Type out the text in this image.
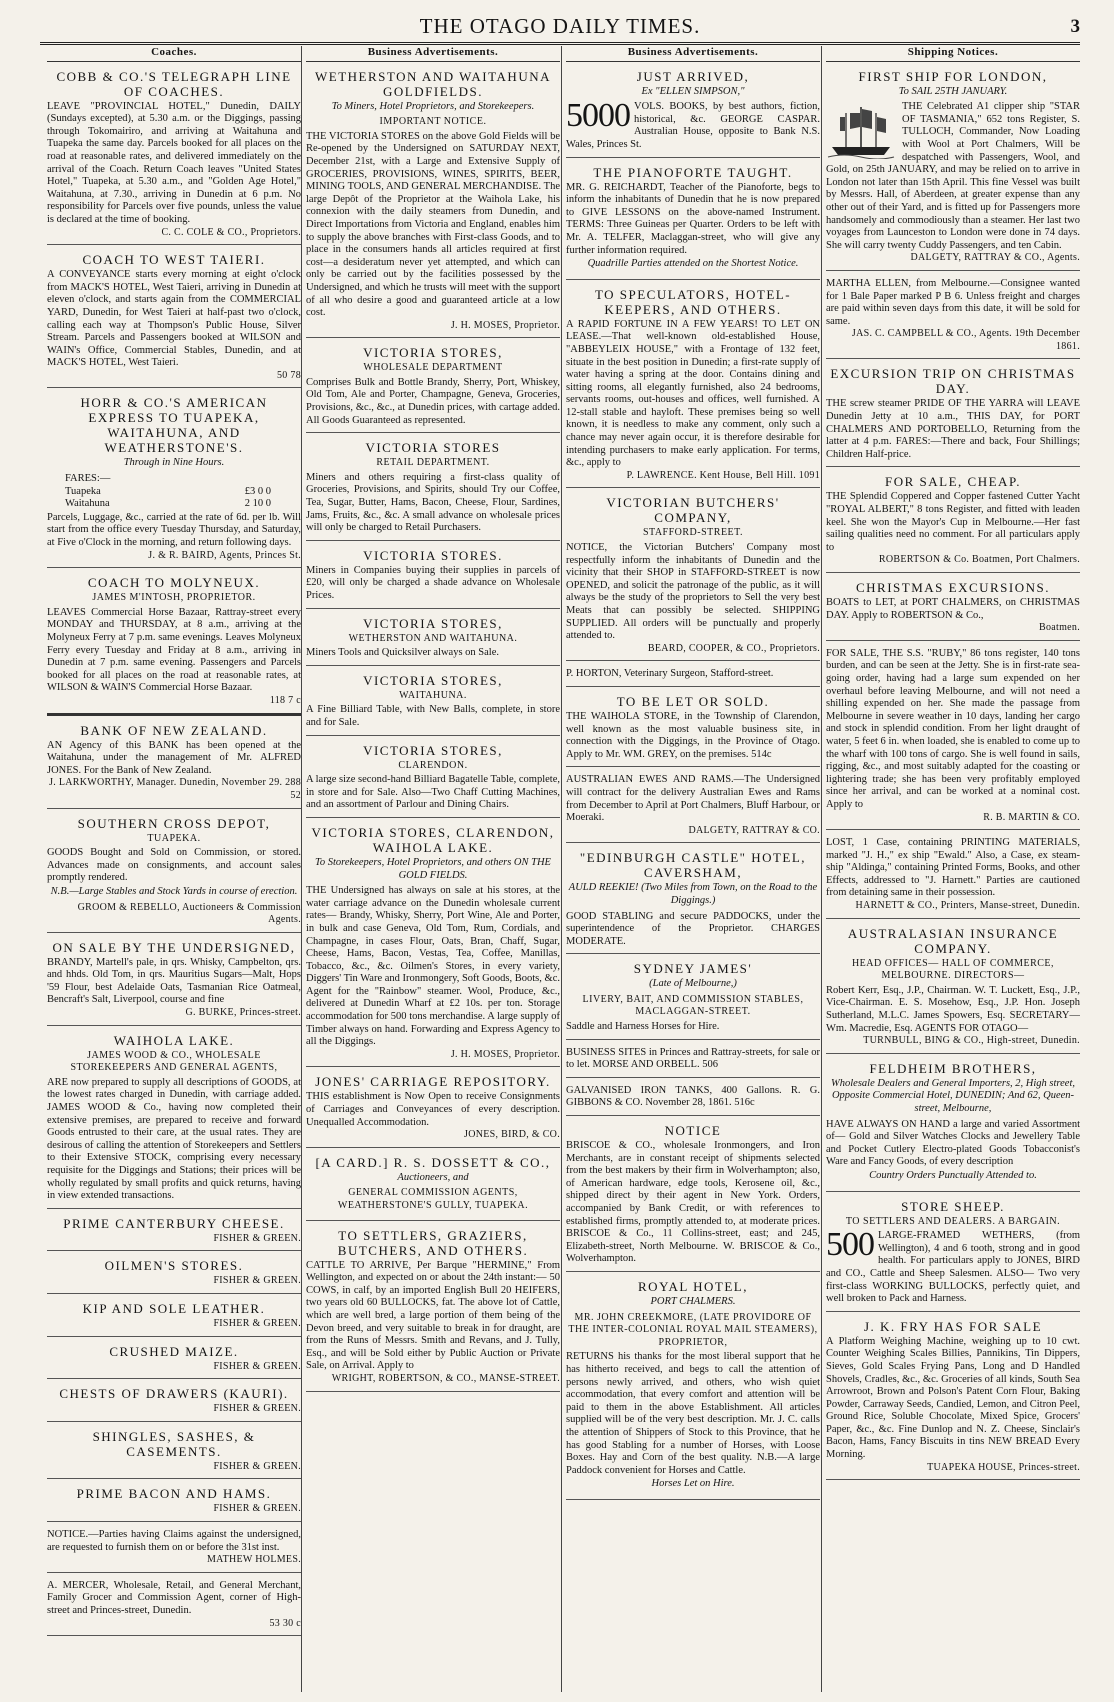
THE OTAGO DAILY TIMES.	3
Coaches.
COBB & CO.'S TELEGRAPH LINE OF COACHES.

LEAVE "PROVINCIAL HOTEL," Dunedin, DAILY (Sundays excepted), at 5.30 a.m. or the Diggings, passing through Tokomairiro, and arriving at Waitahuna and Tuapeka the same day. Parcels booked for all places on the road at reasonable rates, and delivered immediately on the arrival of the Coach. Return Coach leaves "United States Hotel," Tuapeka, at 5.30 a.m., and "Golden Age Hotel," Waitahuna, at 7.30., arriving in Dunedin at 6 p.m. No responsibility for Parcels over five pounds, unless the value is declared at the time of booking.

C. C. COLE & CO., Proprietors.
COACH TO WEST TAIERI.

A CONVEYANCE starts every morning at eight o'clock from MACK'S HOTEL, West Taieri, arriving in Dunedin at eleven o'clock, and starts again from the COMMERCIAL YARD, Dunedin, for West Taieri at half-past two o'clock, calling each way at Thompson's Public House, Silver Stream. Parcels and Passengers booked at WILSON and WAIN's Office, Commercial Stables, Dunedin, and at MACK'S HOTEL, West Taieri.

50 78
HORR & CO.'S AMERICAN EXPRESS TO TUAPEKA, WAITAHUNA, AND WEATHERSTONE'S.
Through in Nine Hours.
FARES:—
Tuapeka	£3 0 0
Waitahuna	2 10 0

Parcels, Luggage, &c., carried at the rate of 6d. per lb. Will start from the office every Tuesday Thursday, and Saturday, at Five o'Clock in the morning, and return following days.

J. & R. BAIRD, Agents, Princes St.
COACH TO MOLYNEUX.
JAMES M'INTOSH, PROPRIETOR.

LEAVES Commercial Horse Bazaar, Rattray-street every MONDAY and THURSDAY, at 8 a.m., arriving at the Molyneux Ferry at 7 p.m. same evenings. Leaves Molyneux Ferry every Tuesday and Friday at 8 a.m., arriving in Dunedin at 7 p.m. same evening. Passengers and Parcels booked for all places on the road at reasonable rates, at WILSON & WAIN'S Commercial Horse Bazaar.

118 7 c
BANK OF NEW ZEALAND.

AN Agency of this BANK has been opened at the Waitahuna, under the management of Mr. ALFRED JONES. For the Bank of New Zealand.

J. LARKWORTHY, Manager. Dunedin, November 29. 288 52
SOUTHERN CROSS DEPOT,
TUAPEKA.

GOODS Bought and Sold on Commission, or stored. Advances made on consignments, and account sales promptly rendered.

N.B.—Large Stables and Stock Yards in course of erection.
GROOM & REBELLO, Auctioneers & Commission Agents.
ON SALE BY THE UNDERSIGNED,

BRANDY, Martell's pale, in qrs. Whisky, Campbelton, qrs. and hhds. Old Tom, in qrs. Mauritius Sugars—Malt, Hops '59 Flour, best Adelaide Oats, Tasmanian Rice Oatmeal, Bencraft's Salt, Liverpool, course and fine

G. BURKE, Princes-street.
WAIHOLA LAKE.
JAMES WOOD & CO., WHOLESALE STOREKEEPERS AND GENERAL AGENTS,

ARE now prepared to supply all descriptions of GOODS, at the lowest rates charged in Dunedin, with carriage added. JAMES WOOD & Co., having now completed their extensive premises, are prepared to receive and forward Goods entrusted to their care, at the usual rates. They are desirous of calling the attention of Storekeepers and Settlers to their Extensive STOCK, comprising every necessary requisite for the Diggings and Stations; their prices will be wholly regulated by small profits and quick returns, having in view extended transactions.

PRIME CANTERBURY CHEESE.
FISHER & GREEN.
OILMEN'S STORES.
FISHER & GREEN.
KIP AND SOLE LEATHER.
FISHER & GREEN.
CRUSHED MAIZE.
FISHER & GREEN.
CHESTS OF DRAWERS (KAURI).
FISHER & GREEN.
SHINGLES, SASHES, & CASEMENTS.
FISHER & GREEN.
PRIME BACON AND HAMS.
FISHER & GREEN.

NOTICE.—Parties having Claims against the undersigned, are requested to furnish them on or before the 31st inst.

MATHEW HOLMES.

A. MERCER, Wholesale, Retail, and General Merchant, Family Grocer and Commission Agent, corner of High-street and Princes-street, Dunedin.

53 30 c
Business Advertisements.
WETHERSTON AND WAITAHUNA GOLDFIELDS.
To Miners, Hotel Proprietors, and Storekeepers.
IMPORTANT NOTICE.

THE VICTORIA STORES on the above Gold Fields will be Re-opened by the Undersigned on SATURDAY NEXT, December 21st, with a Large and Extensive Supply of GROCERIES, PROVISIONS, WINES, SPIRITS, BEER, MINING TOOLS, AND GENERAL MERCHANDISE. The large Depôt of the Proprietor at the Waihola Lake, his connexion with the daily steamers from Dunedin, and Direct Importations from Victoria and England, enables him to supply the above branches with First-class Goods, and to place in the consumers hands all articles required at first cost—a desideratum never yet attempted, and which can only be carried out by the facilities possessed by the Undersigned, and which he trusts will meet with the support of all who desire a good and guaranteed article at a low cost.

J. H. MOSES, Proprietor.
VICTORIA STORES,
WHOLESALE DEPARTMENT

Comprises Bulk and Bottle Brandy, Sherry, Port, Whiskey, Old Tom, Ale and Porter, Champagne, Geneva, Groceries, Provisions, &c., &c., at Dunedin prices, with cartage added. All Goods Guaranteed as represented.

VICTORIA STORES
RETAIL DEPARTMENT.

Miners and others requiring a first-class quality of Groceries, Provisions, and Spirits, should Try our Coffee, Tea, Sugar, Butter, Hams, Bacon, Cheese, Flour, Sardines, Jams, Fruits, &c., &c. A small advance on wholesale prices will only be charged to Retail Purchasers.

VICTORIA STORES.

Miners in Companies buying their supplies in parcels of £20, will only be charged a shade advance on Wholesale Prices.

VICTORIA STORES,
WETHERSTON AND WAITAHUNA.

Miners Tools and Quicksilver always on Sale.

VICTORIA STORES,
WAITAHUNA.

A Fine Billiard Table, with New Balls, complete, in store and for Sale.

VICTORIA STORES,
CLARENDON.

A large size second-hand Billiard Bagatelle Table, complete, in store and for Sale. Also—Two Chaff Cutting Machines, and an assortment of Parlour and Dining Chairs.

VICTORIA STORES, CLARENDON, WAIHOLA LAKE.
To Storekeepers, Hotel Proprietors, and others ON THE GOLD FIELDS.

THE Undersigned has always on sale at his stores, at the water carriage advance on the Dunedin wholesale current rates— Brandy, Whisky, Sherry, Port Wine, Ale and Porter, in bulk and case Geneva, Old Tom, Rum, Cordials, and Champagne, in cases Flour, Oats, Bran, Chaff, Sugar, Cheese, Hams, Bacon, Vestas, Tea, Coffee, Manillas, Tobacco, &c., &c. Oilmen's Stores, in every variety, Diggers' Tin Ware and Ironmongery, Soft Goods, Boots, &c. Agent for the "Rainbow" steamer. Wool, Produce, &c., delivered at Dunedin Wharf at £2 10s. per ton. Storage accommodation for 500 tons merchandise. A large supply of Timber always on hand. Forwarding and Express Agency to all the Diggings.

J. H. MOSES, Proprietor.
JONES' CARRIAGE REPOSITORY.

THIS establishment is Now Open to receive Consignments of Carriages and Conveyances of every description. Unequalled Accommodation.

JONES, BIRD, & CO.
[A CARD.] R. S. DOSSETT & CO.,
Auctioneers, and
GENERAL COMMISSION AGENTS, WEATHERSTONE'S GULLY, TUAPEKA.
TO SETTLERS, GRAZIERS, BUTCHERS, AND OTHERS.

CATTLE TO ARRIVE, Per Barque "HERMINE," From Wellington, and expected on or about the 24th instant:— 50 COWS, in calf, by an imported English Bull 20 HEIFERS, two years old 60 BULLOCKS, fat. The above lot of Cattle, which are well bred, a large portion of them being of the Devon breed, and very suitable to break in for draught, are from the Runs of Messrs. Smith and Revans, and J. Tully, Esq., and will be Sold either by Public Auction or Private Sale, on Arrival. Apply to

WRIGHT, ROBERTSON, & CO., MANSE-STREET.
Business Advertisements.
JUST ARRIVED,
Ex "ELLEN SIMPSON,"
5000 VOLS. BOOKS, by best authors, fiction, historical, &c. GEORGE CASPAR. Australian House, opposite to Bank N.S. Wales, Princes St.

THE PIANOFORTE TAUGHT.

MR. G. REICHARDT, Teacher of the Pianoforte, begs to inform the inhabitants of Dunedin that he is now prepared to GIVE LESSONS on the above-named Instrument. TERMS: Three Guineas per Quarter. Orders to be left with Mr. A. TELFER, Maclaggan-street, who will give any further information required.

Quadrille Parties attended on the Shortest Notice.
TO SPECULATORS, HOTEL-KEEPERS, AND OTHERS.

A RAPID FORTUNE IN A FEW YEARS! TO LET ON LEASE.—That well-known old-established House, "ABBEYLEIX HOUSE," with a Frontage of 132 feet, situate in the best position in Dunedin; a first-rate supply of water having a spring at the door. Contains dining and sitting rooms, all elegantly furnished, also 24 bedrooms, servants rooms, out-houses and offices, well furnished. A 12-stall stable and hayloft. These premises being so well known, it is needless to make any comment, only such a chance may never again occur, it is therefore desirable for intending purchasers to make early application. For terms, &c., apply to

P. LAWRENCE. Kent House, Bell Hill. 1091
VICTORIAN BUTCHERS' COMPANY,
STAFFORD-STREET.

NOTICE, the Victorian Butchers' Company most respectfully inform the inhabitants of Dunedin and the vicinity that their SHOP in STAFFORD-STREET is now OPENED, and solicit the patronage of the public, as it will always be the study of the proprietors to Sell the very best Meats that can possibly be selected. SHIPPING SUPPLIED. All orders will be punctually and properly attended to.

BEARD, COOPER, & CO., Proprietors.

P. HORTON, Veterinary Surgeon, Stafford-street.

TO BE LET OR SOLD.

THE WAIHOLA STORE, in the Township of Clarendon, well known as the most valuable business site, in connection with the Diggings, in the Province of Otago. Apply to Mr. WM. GREY, on the premises. 514c

AUSTRALIAN EWES AND RAMS.—The Undersigned will contract for the delivery Australian Ewes and Rams from December to April at Port Chalmers, Bluff Harbour, or Moeraki.

DALGETY, RATTRAY & CO.
"EDINBURGH CASTLE" HOTEL, CAVERSHAM,
AULD REEKIE! (Two Miles from Town, on the Road to the Diggings.)

GOOD STABLING and secure PADDOCKS, under the superintendence of the Proprietor. CHARGES MODERATE.

SYDNEY JAMES'
(Late of Melbourne,)
LIVERY, BAIT, AND COMMISSION STABLES, MACLAGGAN-STREET.

Saddle and Harness Horses for Hire.

BUSINESS SITES in Princes and Rattray-streets, for sale or to let. MORSE AND ORBELL. 506

GALVANISED IRON TANKS, 400 Gallons. R. G. GIBBONS & CO. November 28, 1861. 516c

NOTICE

BRISCOE & CO., wholesale Ironmongers, and Iron Merchants, are in constant receipt of shipments selected from the best makers by their firm in Wolverhampton; also, of American hardware, edge tools, Kerosene oil, &c., shipped direct by their agent in New York. Orders, accompanied by Bank Credit, or with references to established firms, promptly attended to, at moderate prices. BRISCOE & Co., 11 Collins-street, east; and 245, Elizabeth-street, North Melbourne. W. BRISCOE & Co., Wolverhampton.

ROYAL HOTEL,
PORT CHALMERS.
MR. JOHN CREEKMORE, (LATE PROVIDORE OF THE INTER-COLONIAL ROYAL MAIL STEAMERS), PROPRIETOR,

RETURNS his thanks for the most liberal support that he has hitherto received, and begs to call the attention of persons newly arrived, and others, who wish quiet accommodation, that every comfort and attention will be paid to them in the above Establishment. All articles supplied will be of the very best description. Mr. J. C. calls the attention of Shippers of Stock to this Province, that he has good Stabling for a number of Horses, with Loose Boxes. Hay and Corn of the best quality. N.B.—A large Paddock convenient for Horses and Cattle.

Horses Let on Hire.
Shipping Notices.
FIRST SHIP FOR LONDON,
To SAIL 25TH JANUARY.

THE Celebrated A1 clipper ship "STAR OF TASMANIA," 652 tons Register, S. TULLOCH, Commander, Now Loading with Wool at Port Chalmers, Will be despatched with Passengers, Wool, and Gold, on 25th JANUARY, and may be relied on to arrive in London not later than 15th April. This fine Vessel was built by Messrs. Hall, of Aberdeen, at greater expense than any other out of their Yard, and is fitted up for Passengers more handsomely and commodiously than a steamer. Her last two voyages from Launceston to London were done in 74 days. She will carry twenty Cuddy Passengers, and ten Cabin.

DALGETY, RATTRAY & CO., Agents.

MARTHA ELLEN, from Melbourne.—Consignee wanted for 1 Bale Paper marked P B 6. Unless freight and charges are paid within seven days from this date, it will be sold for same.

JAS. C. CAMPBELL & CO., Agents. 19th December 1861.
EXCURSION TRIP ON CHRISTMAS DAY.

THE screw steamer PRIDE OF THE YARRA will LEAVE Dunedin Jetty at 10 a.m., THIS DAY, for PORT CHALMERS AND PORTOBELLO, Returning from the latter at 4 p.m. FARES:—There and back, Four Shillings; Children Half-price.

FOR SALE, CHEAP.

THE Splendid Coppered and Copper fastened Cutter Yacht "ROYAL ALBERT," 8 tons Register, and fitted with leaden keel. She won the Mayor's Cup in Melbourne.—Her fast sailing qualities need no comment. For all particulars apply to

ROBERTSON & Co. Boatmen, Port Chalmers.
CHRISTMAS EXCURSIONS.

BOATS to LET, at PORT CHALMERS, on CHRISTMAS DAY. Apply to ROBERTSON & Co.,

Boatmen.

FOR SALE, THE S.S. "RUBY," 86 tons register, 140 tons burden, and can be seen at the Jetty. She is in first-rate sea-going order, having had a large sum expended on her overhaul before leaving Melbourne, and will not need a shilling expended on her. She made the passage from Melbourne in severe weather in 10 days, landing her cargo and stock in splendid condition. From her light draught of water, 5 feet 6 in. when loaded, she is enabled to come up to the wharf with 100 tons of cargo. She is well found in sails, rigging, &c., and most suitably adapted for the coasting or lightering trade; she has been very profitably employed since her arrival, and can be worked at a nominal cost. Apply to

R. B. MARTIN & CO.

LOST, 1 Case, containing PRINTING MATERIALS, marked "J. H.," ex ship "Ewald." Also, a Case, ex steam-ship "Aldinga," containing Printed Forms, Books, and other Effects, addressed to "J. Harnett." Parties are cautioned from detaining same in their possession.

HARNETT & CO., Printers, Manse-street, Dunedin.
AUSTRALASIAN INSURANCE COMPANY.
HEAD OFFICES— HALL OF COMMERCE, MELBOURNE. DIRECTORS—

Robert Kerr, Esq., J.P., Chairman. W. T. Luckett, Esq., J.P., Vice-Chairman. E. S. Mosehow, Esq., J.P. Hon. Joseph Sutherland, M.L.C. James Spowers, Esq. SECRETARY— Wm. Macredie, Esq. AGENTS FOR OTAGO—

TURNBULL, BING & CO., High-street, Dunedin.
FELDHEIM BROTHERS,
Wholesale Dealers and General Importers, 2, High street, Opposite Commercial Hotel, DUNEDIN; And 62, Queen-street, Melbourne,

HAVE ALWAYS ON HAND a large and varied Assortment of— Gold and Silver Watches Clocks and Jewellery Table and Pocket Cutlery Electro-plated Goods Tobacconist's Ware and Fancy Goods, of every description

Country Orders Punctually Attended to.
STORE SHEEP.
TO SETTLERS AND DEALERS. A BARGAIN.
500 LARGE-FRAMED WETHERS, (from Wellington), 4 and 6 tooth, strong and in good health. For particulars apply to JONES, BIRD and CO., Cattle and Sheep Salesmen. ALSO— Two very first-class WORKING BULLOCKS, perfectly quiet, and well broken to Pack and Harness.

J. K. FRY HAS FOR SALE

A Platform Weighing Machine, weighing up to 10 cwt. Counter Weighing Scales Billies, Pannikins, Tin Dippers, Sieves, Gold Scales Frying Pans, Long and D Handled Shovels, Cradles, &c., &c. Groceries of all kinds, South Sea Arrowroot, Brown and Polson's Patent Corn Flour, Baking Powder, Carraway Seeds, Candied, Lemon, and Citron Peel, Ground Rice, Soluble Chocolate, Mixed Spice, Grocers' Paper, &c., &c. Fine Dunlop and N. Z. Cheese, Sinclair's Bacon, Hams, Fancy Biscuits in tins NEW BREAD Every Morning.

TUAPEKA HOUSE, Princes-street.
